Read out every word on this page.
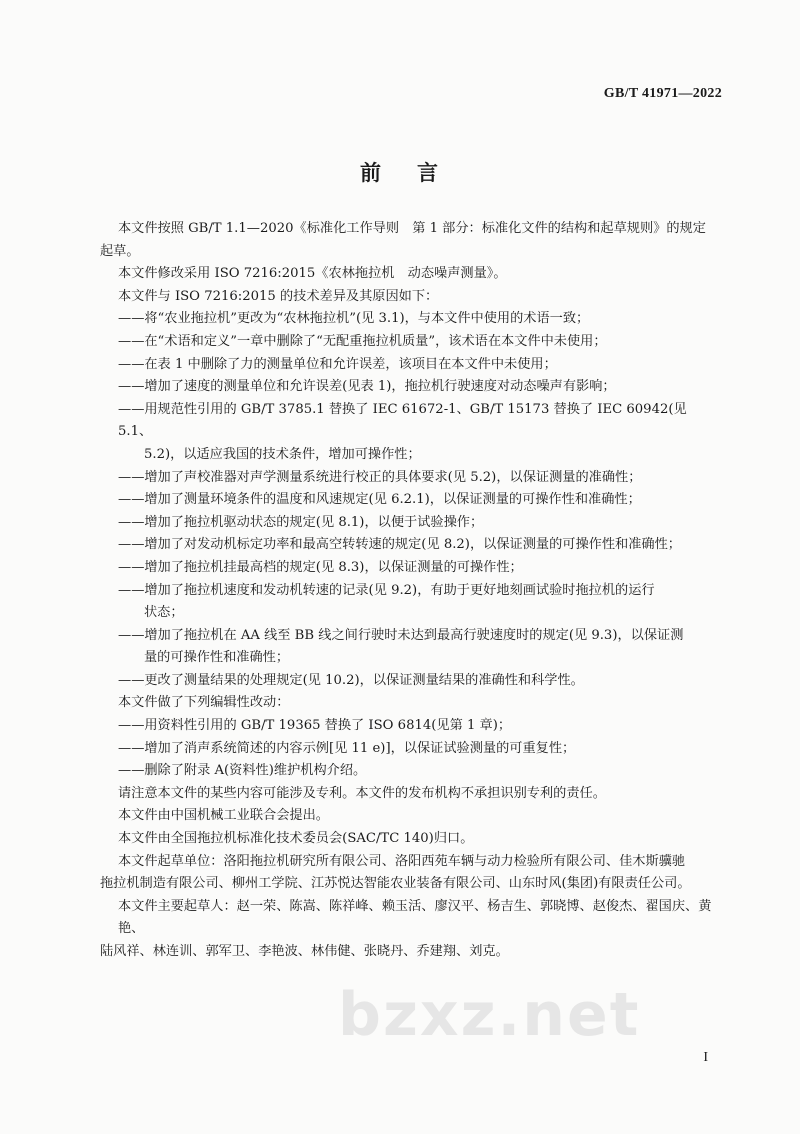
GB/T 41971—2022
前 言
本文件按照 GB/T 1.1—2020《标准化工作导则　第 1 部分：标准化文件的结构和起草规则》的规定
起草。
本文件修改采用 ISO 7216:2015《农林拖拉机　动态噪声测量》。
本文件与 ISO 7216:2015 的技术差异及其原因如下：
——将“农业拖拉机”更改为“农林拖拉机”(见 3.1)，与本文件中使用的术语一致；
——在“术语和定义”一章中删除了“无配重拖拉机质量”，该术语在本文件中未使用；
——在表 1 中删除了力的测量单位和允许误差，该项目在本文件中未使用；
——增加了速度的测量单位和允许误差(见表 1)，拖拉机行驶速度对动态噪声有影响；
——用规范性引用的 GB/T 3785.1 替换了 IEC 61672-1、GB/T 15173 替换了 IEC 60942(见 5.1、
5.2)，以适应我国的技术条件，增加可操作性；
——增加了声校准器对声学测量系统进行校正的具体要求(见 5.2)，以保证测量的准确性；
——增加了测量环境条件的温度和风速规定(见 6.2.1)，以保证测量的可操作性和准确性；
——增加了拖拉机驱动状态的规定(见 8.1)，以便于试验操作；
——增加了对发动机标定功率和最高空转转速的规定(见 8.2)，以保证测量的可操作性和准确性；
——增加了拖拉机挂最高档的规定(见 8.3)，以保证测量的可操作性；
——增加了拖拉机速度和发动机转速的记录(见 9.2)，有助于更好地刻画试验时拖拉机的运行
状态；
——增加了拖拉机在 AA 线至 BB 线之间行驶时未达到最高行驶速度时的规定(见 9.3)，以保证测
量的可操作性和准确性；
——更改了测量结果的处理规定(见 10.2)，以保证测量结果的准确性和科学性。
本文件做了下列编辑性改动：
——用资料性引用的 GB/T 19365 替换了 ISO 6814(见第 1 章)；
——增加了消声系统简述的内容示例[见 11 e)]，以保证试验测量的可重复性；
——删除了附录 A(资料性)维护机构介绍。
请注意本文件的某些内容可能涉及专利。本文件的发布机构不承担识别专利的责任。
本文件由中国机械工业联合会提出。
本文件由全国拖拉机标准化技术委员会(SAC/TC 140)归口。
本文件起草单位：洛阳拖拉机研究所有限公司、洛阳西苑车辆与动力检验所有限公司、佳木斯骥驰
拖拉机制造有限公司、柳州工学院、江苏悦达智能农业装备有限公司、山东时风(集团)有限责任公司。
本文件主要起草人：赵一荣、陈嵩、陈祥峰、赖玉活、廖汉平、杨吉生、郭晓博、赵俊杰、翟国庆、黄艳、
陆风祥、林连训、郭军卫、李艳波、林伟健、张晓丹、乔建翔、刘克。
bzxz.net
I
